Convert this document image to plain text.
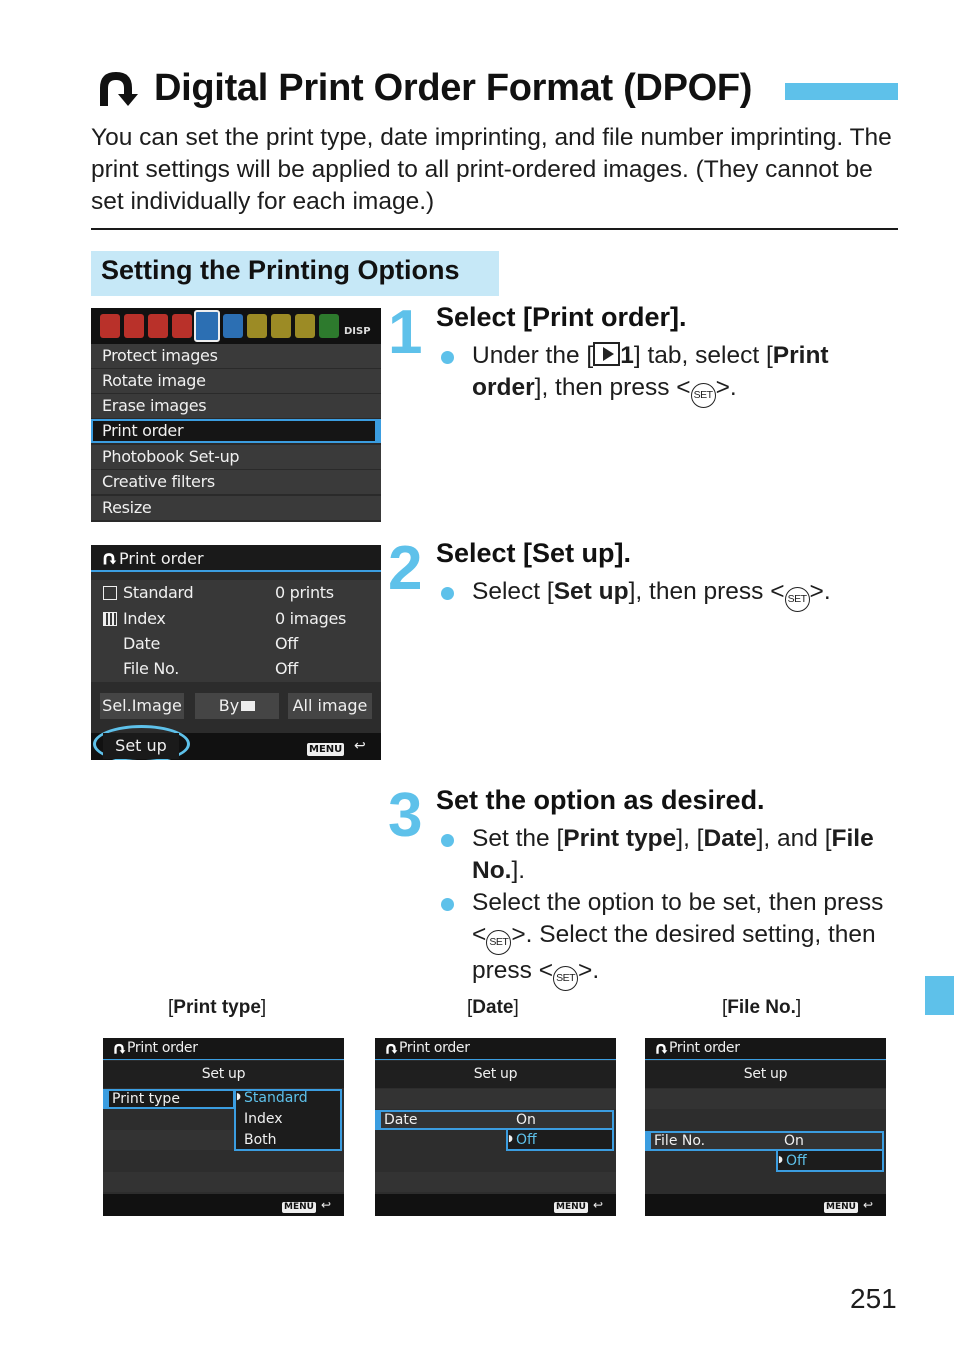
Digital Print Order Format (DPOF)

You can set the print type, date imprinting, and file number imprinting. The print settings will be applied to all print-ordered images. (They cannot be set individually for each image.)

Setting the Printing Options
DISP
Protect images
Rotate image
Erase images
Print order
Photobook Set-up
Creative filters
Resize
1 Select [Print order].
Under the [ 1] tab, select [Print order], then press < SET >.
Print order
Standard	0 prints
Index	0 images
Date	Off
File No.	Off
Sel.Image	By	All image
Set up	MENU ↩
2 Select [Set up].
Select [Set up], then press < SET >.
3 Set the option as desired.
Set the [Print type], [Date], and [File No.].
Select the option to be set, then press < SET >. Select the desired setting, then press < SET >.
[Print type]	[Date]	[File No.]
Print order
Set up
Print type	◗ Standard
Index
Both
MENU ↩
Print order
Set up
Date	On
◗ Off
MENU ↩
Print order
Set up
File No.	On
◗ Off
MENU ↩
251
